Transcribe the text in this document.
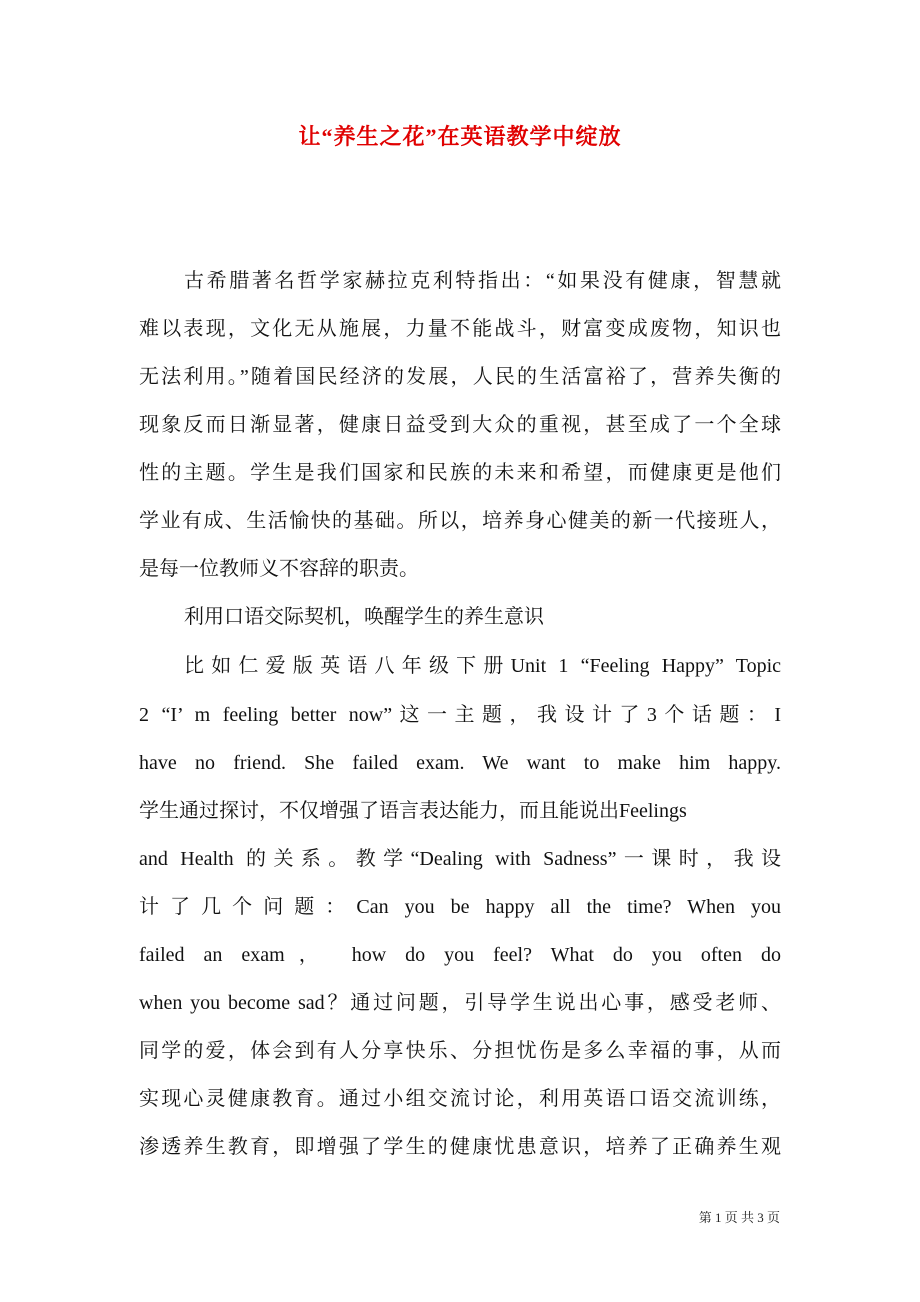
让“养生之花”在英语教学中绽放
古希腊著名哲学家赫拉克利特指出：“如果没有健康，智慧就
难以表现，文化无从施展，力量不能战斗，财富变成废物，知识也
无法利用。”随着国民经济的发展，人民的生活富裕了，营养失衡的
现象反而日渐显著，健康日益受到大众的重视，甚至成了一个全球
性的主题。学生是我们国家和民族的未来和希望，而健康更是他们
学业有成、生活愉快的基础。所以，培养身心健美的新一代接班人，
是每一位教师义不容辞的职责。
利用口语交际契机，唤醒学生的养生意识
比如仁爱版英语八年级下册Unit 1 “Feeling Happy” Topic
2 “I’ m feeling better now”这一主题，我设计了3个话题：I
have no friend. She failed exam. We want to make him happy.
学生通过探讨，不仅增强了语言表达能力，而且能说出Feelings
and Health 的关系。教学“Dealing with Sadness”一课时，我设
计了几个问题：Can you be happy all the time? When you
failed an exam， how do you feel? What do you often do
when you become sad？通过问题，引导学生说出心事，感受老师、
同学的爱，体会到有人分享快乐、分担忧伤是多么幸福的事，从而
实现心灵健康教育。通过小组交流讨论，利用英语口语交流训练，
渗透养生教育，即增强了学生的健康忧患意识，培养了正确养生观
第 1 页 共 3 页
